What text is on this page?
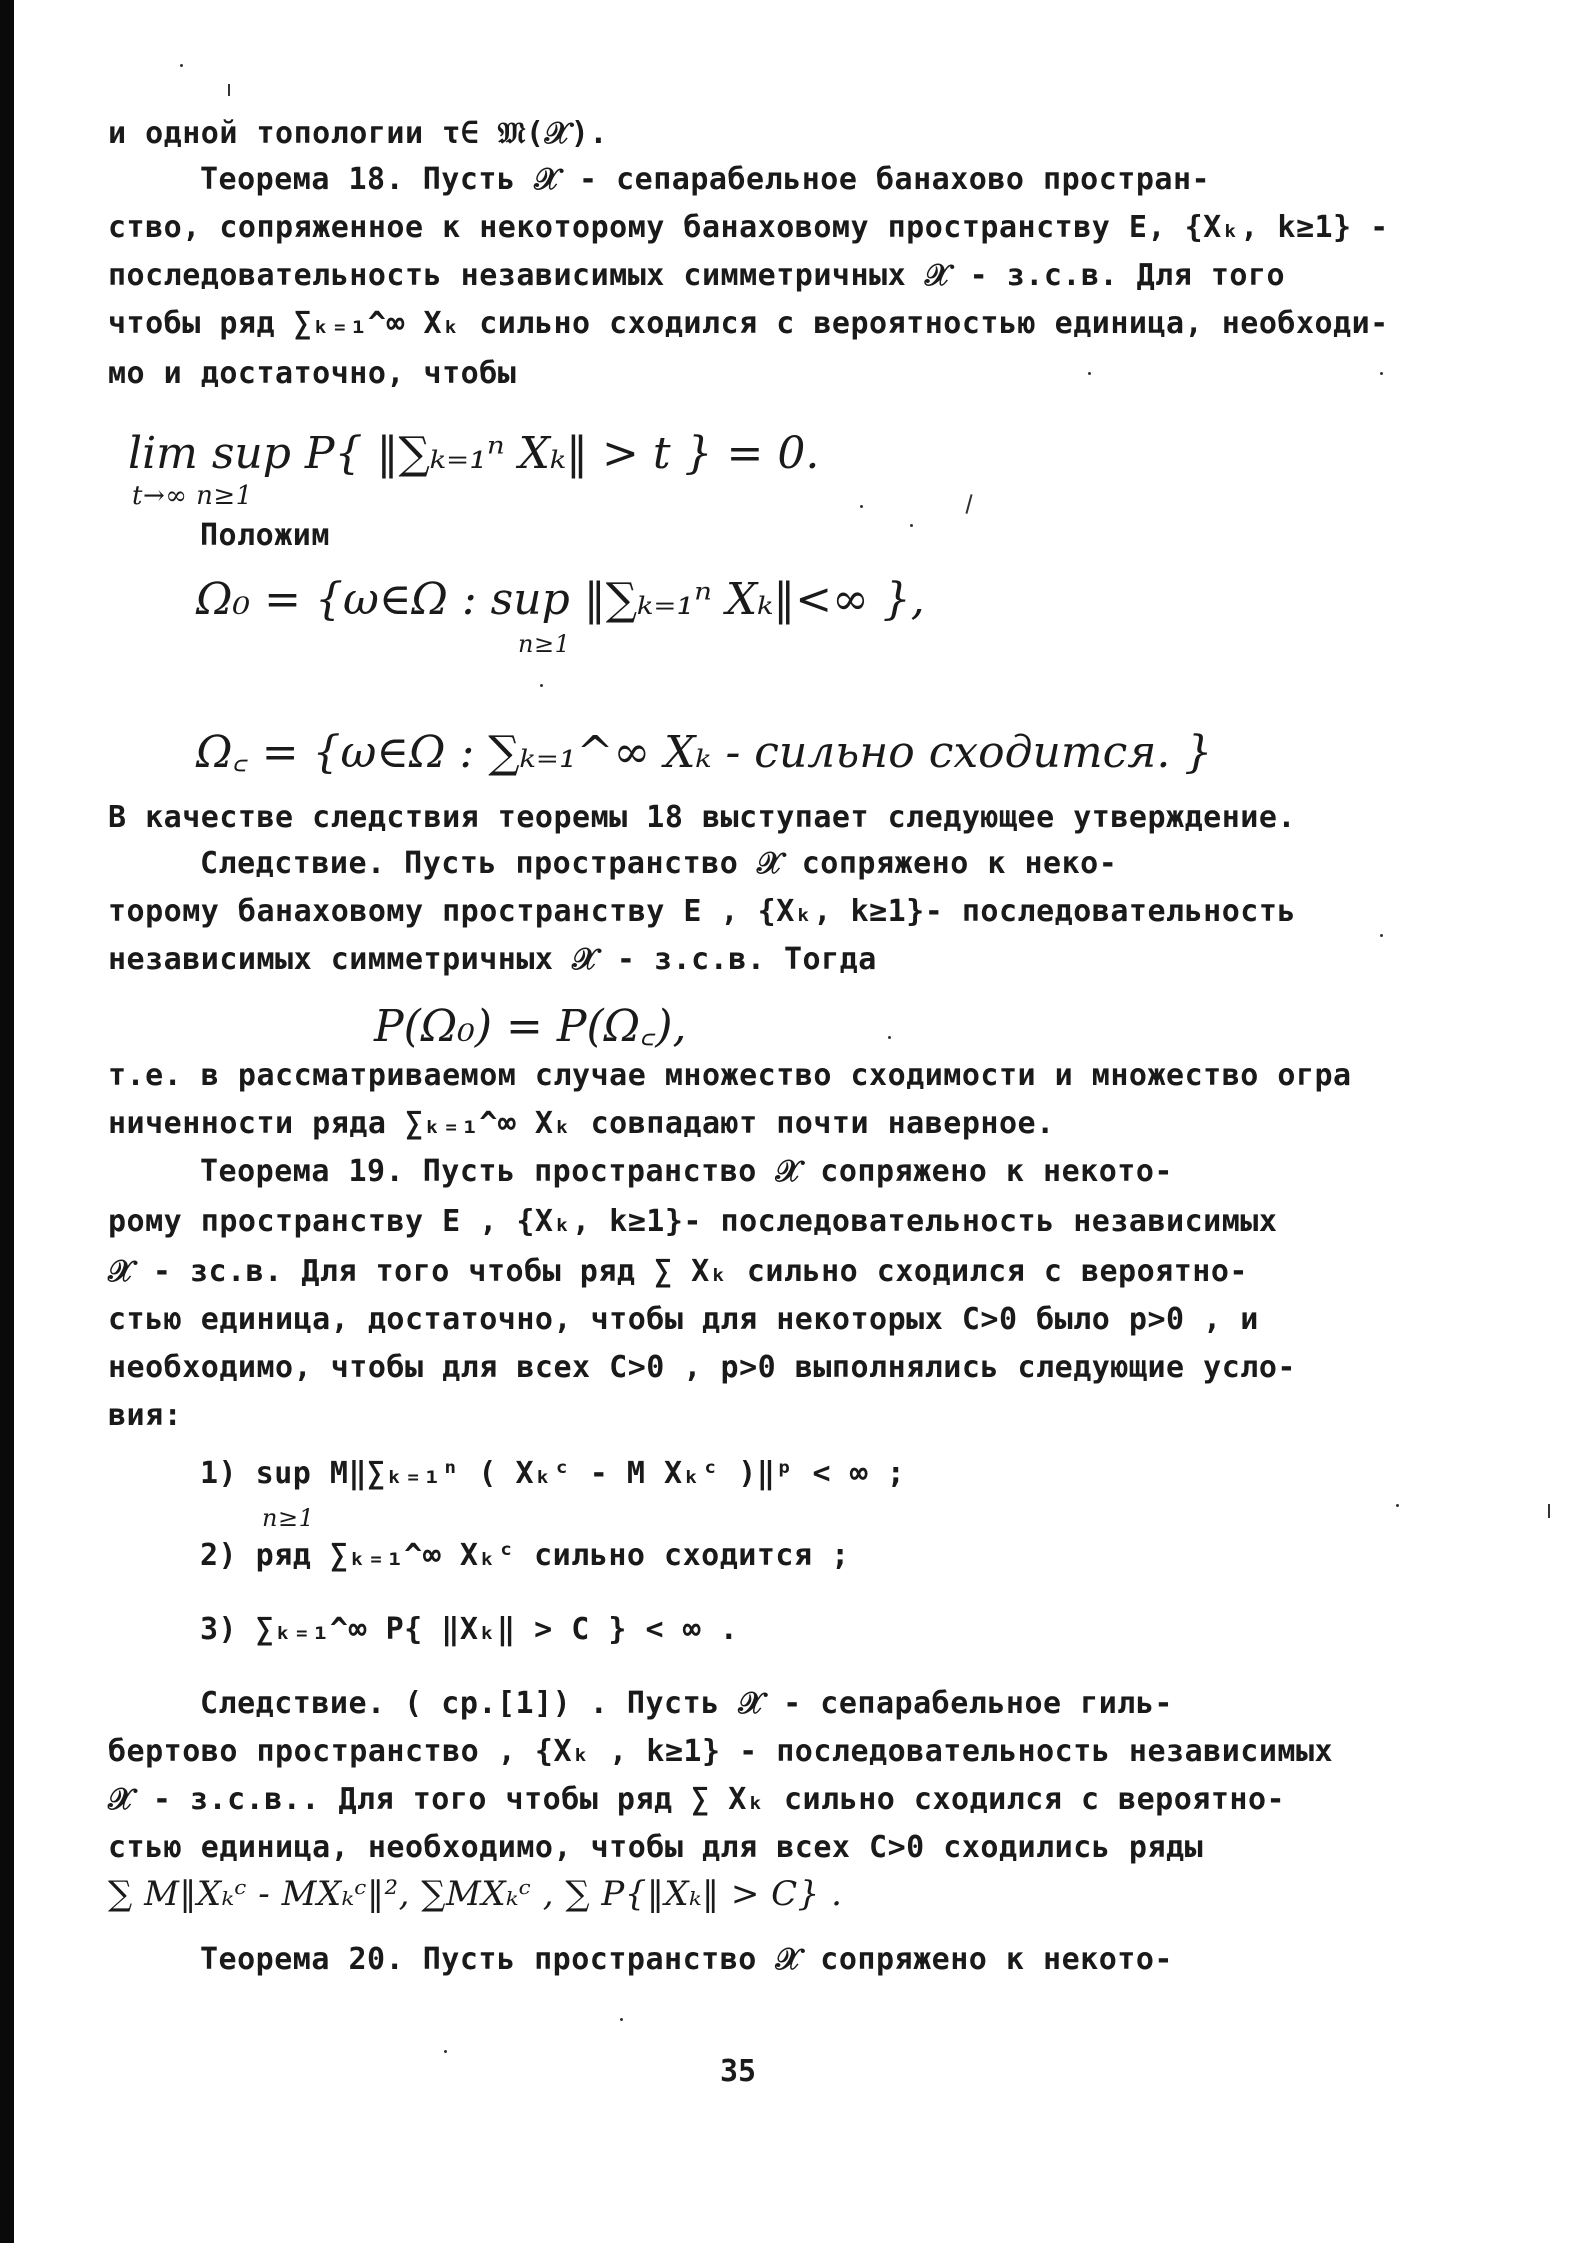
и одной топологии τ∈ 𝔐(𝒳).
Теорема 18. Пусть 𝒳 - сепарабельное банахово простран-
ство, сопряженное к некоторому банаховому пространству E, {Xₖ, k≥1} -
последовательность независимых симметричных 𝒳 - з.с.в. Для того
чтобы ряд ∑ₖ₌₁^∞ Xₖ сильно сходился с вероятностью единица, необходи-
мо и достаточно, чтобы
lim sup P{ ‖∑ₖ₌₁ⁿ Xₖ‖ > t } = 0.
t→∞ n≥1
Положим
Ω₀ = {ω∈Ω : sup ‖∑ₖ₌₁ⁿ Xₖ‖<∞ },
n≥1
Ω꜀ = {ω∈Ω : ∑ₖ₌₁^∞ Xₖ - сильно сходится. }
В качестве следствия теоремы 18 выступает следующее утверждение.
Следствие. Пусть пространство 𝒳 сопряжено к неко-
торому банаховому пространству E , {Xₖ, k≥1}- последовательность
независимых симметричных 𝒳 - з.с.в. Тогда
P(Ω₀) = P(Ω꜀),
т.е. в рассматриваемом случае множество сходимости и множество огра
ниченности ряда ∑ₖ₌₁^∞ Xₖ совпадают почти наверное.
Теорема 19. Пусть пространство 𝒳 сопряжено к некото-
рому пространству E , {Xₖ, k≥1}- последовательность независимых
𝒳 - зс.в. Для того чтобы ряд ∑ Xₖ сильно сходился с вероятно-
стью единица, достаточно, чтобы для некоторых C>0 было p>0 , и
необходимо, чтобы для всех C>0 , p>0 выполнялись следующие усло-
вия:
1) sup M‖∑ₖ₌₁ⁿ ( Xₖᶜ - M Xₖᶜ )‖ᵖ < ∞ ;
n≥1
2) ряд ∑ₖ₌₁^∞ Xₖᶜ сильно сходится ;
3) ∑ₖ₌₁^∞ P{ ‖Xₖ‖ > C } < ∞ .
Следствие. ( ср.[1]) . Пусть 𝒳 - сепарабельное гиль-
бертово пространство , {Xₖ , k≥1} - последовательность независимых
𝒳 - з.с.в.. Для того чтобы ряд ∑ Xₖ сильно сходился с вероятно-
стью единица, необходимо, чтобы для всех C>0 сходились ряды
∑ M‖Xₖᶜ - MXₖᶜ‖², ∑MXₖᶜ , ∑ P{‖Xₖ‖ > C} .
Теорема 20. Пусть пространство 𝒳 сопряжено к некото-
35
